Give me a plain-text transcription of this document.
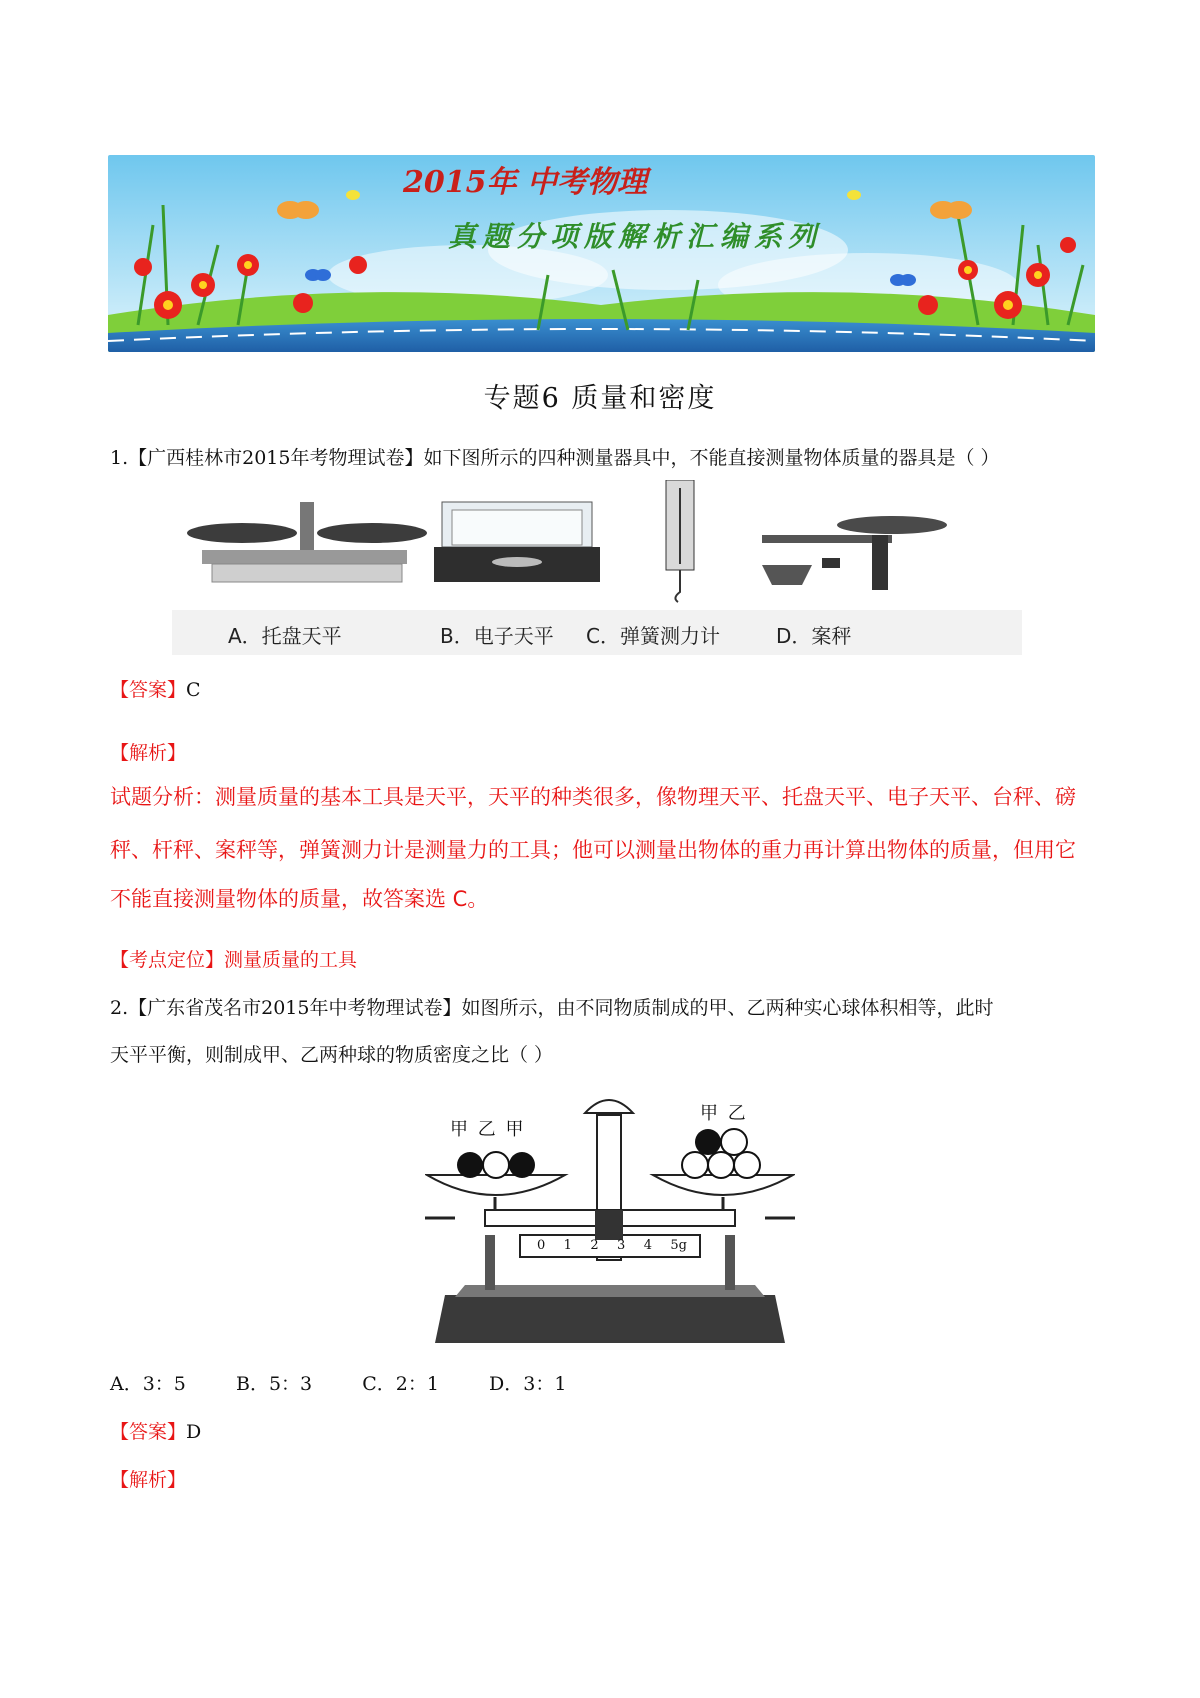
2015年 中考物理
真题分项版解析汇编系列
专题6 质量和密度
1.【广西桂林市2015年考物理试卷】如下图所示的四种测量器具中，不能直接测量物体质量的器具是（ ）
A．托盘天平	B．电子天平 C．弹簧测力计	D．案秤
【答案】C
【解析】
试题分析：测量质量的基本工具是天平，天平的种类很多，像物理天平、托盘天平、电子天平、台秤、磅
秤、杆秤、案秤等，弹簧测力计是测量力的工具；他可以测量出物体的重力再计算出物体的质量，但用它
不能直接测量物体的质量，故答案选 C。
【考点定位】测量质量的工具
2.【广东省茂名市2015年中考物理试卷】如图所示，由不同物质制成的甲、乙两种实心球体积相等，此时
天平平衡，则制成甲、乙两种球的物质密度之比（ ）
甲 乙 甲
甲 乙
0 1 2 3 4 5g
A．3：5	B．5：3	C．2：1	D．3：1
【答案】D
【解析】
